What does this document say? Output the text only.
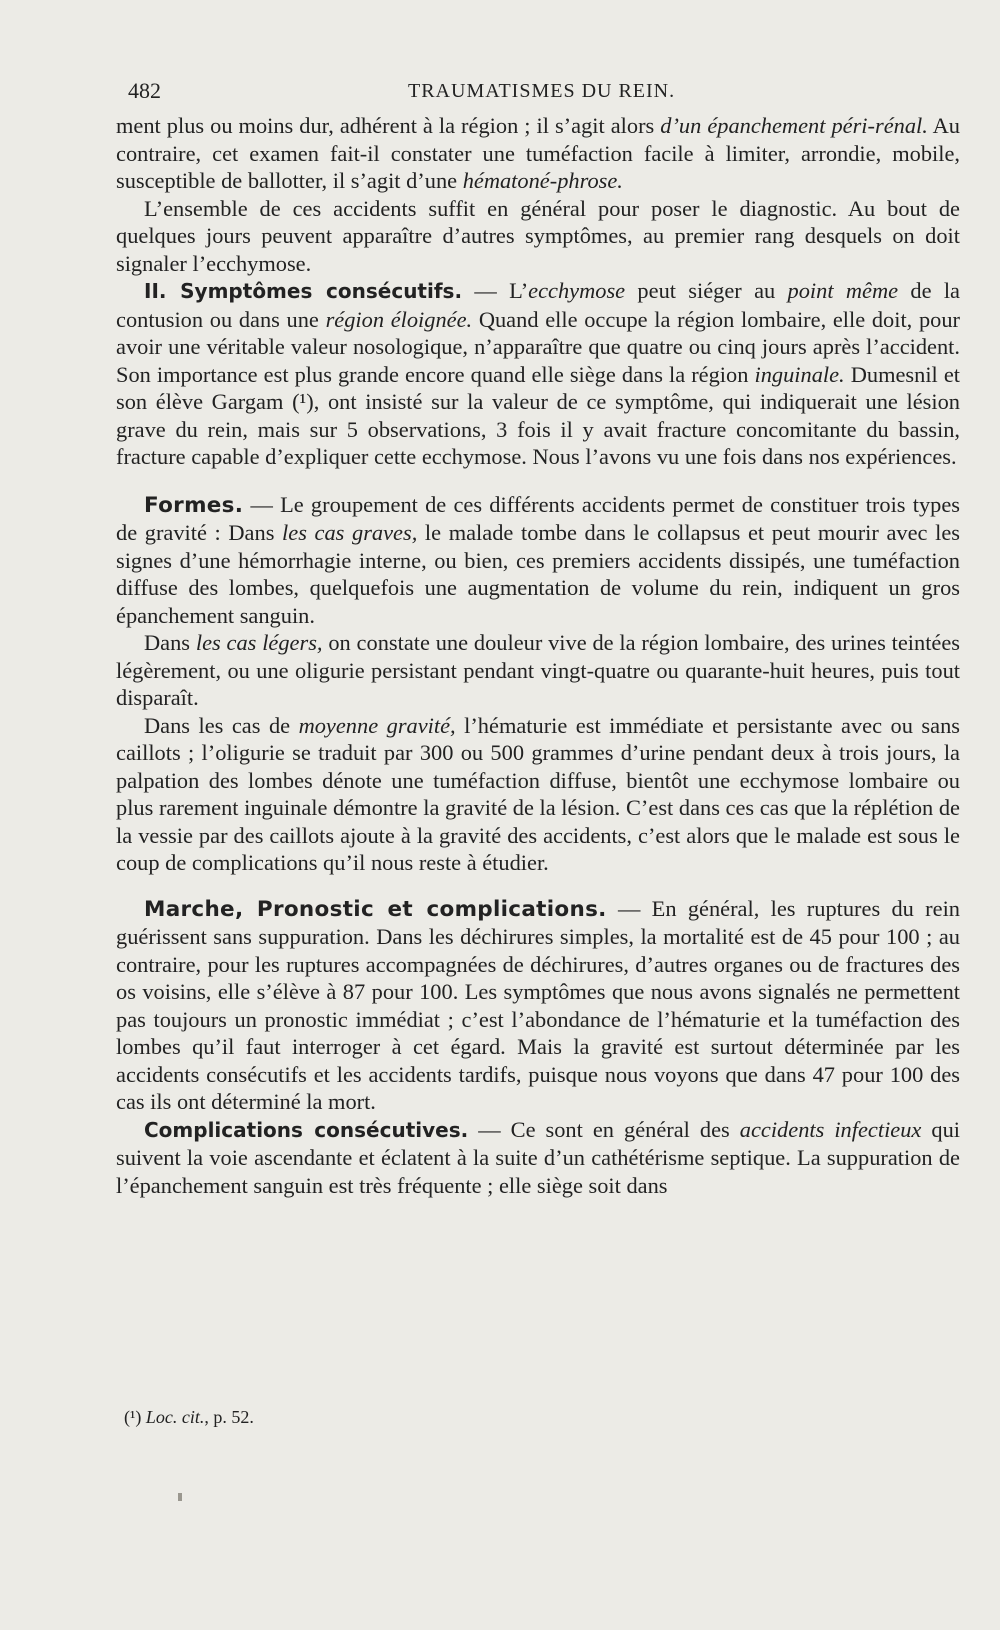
482	TRAUMATISMES DU REIN.

ment plus ou moins dur, adhérent à la région ; il s’agit alors d’un épanchement péri-rénal. Au contraire, cet examen fait-il constater une tuméfaction facile à limiter, arrondie, mobile, susceptible de ballotter, il s’agit d’une hématoné-phrose.

L’ensemble de ces accidents suffit en général pour poser le diagnostic. Au bout de quelques jours peuvent apparaître d’autres symptômes, au premier rang desquels on doit signaler l’ecchymose.

II. Symptômes consécutifs. — L’ecchymose peut siéger au point même de la contusion ou dans une région éloignée. Quand elle occupe la région lombaire, elle doit, pour avoir une véritable valeur nosologique, n’apparaître que quatre ou cinq jours après l’accident. Son importance est plus grande encore quand elle siège dans la région inguinale. Dumesnil et son élève Gargam (¹), ont insisté sur la valeur de ce symptôme, qui indiquerait une lésion grave du rein, mais sur 5 observations, 3 fois il y avait fracture concomitante du bassin, fracture capable d’expliquer cette ecchymose. Nous l’avons vu une fois dans nos expériences.

Formes. — Le groupement de ces différents accidents permet de constituer trois types de gravité : Dans les cas graves, le malade tombe dans le collapsus et peut mourir avec les signes d’une hémorrhagie interne, ou bien, ces premiers accidents dissipés, une tuméfaction diffuse des lombes, quelquefois une augmentation de volume du rein, indiquent un gros épanchement sanguin.

Dans les cas légers, on constate une douleur vive de la région lombaire, des urines teintées légèrement, ou une oligurie persistant pendant vingt-quatre ou quarante-huit heures, puis tout disparaît.

Dans les cas de moyenne gravité, l’hématurie est immédiate et persistante avec ou sans caillots ; l’oligurie se traduit par 300 ou 500 grammes d’urine pendant deux à trois jours, la palpation des lombes dénote une tuméfaction diffuse, bientôt une ecchymose lombaire ou plus rarement inguinale démontre la gravité de la lésion. C’est dans ces cas que la réplétion de la vessie par des caillots ajoute à la gravité des accidents, c’est alors que le malade est sous le coup de complications qu’il nous reste à étudier.

Marche, Pronostic et complications. — En général, les ruptures du rein guérissent sans suppuration. Dans les déchirures simples, la mortalité est de 45 pour 100 ; au contraire, pour les ruptures accompagnées de déchirures, d’autres organes ou de fractures des os voisins, elle s’élève à 87 pour 100. Les symptômes que nous avons signalés ne permettent pas toujours un pronostic immédiat ; c’est l’abondance de l’hématurie et la tuméfaction des lombes qu’il faut interroger à cet égard. Mais la gravité est surtout déterminée par les accidents consécutifs et les accidents tardifs, puisque nous voyons que dans 47 pour 100 des cas ils ont déterminé la mort.

Complications consécutives. — Ce sont en général des accidents infectieux qui suivent la voie ascendante et éclatent à la suite d’un cathétérisme septique. La suppuration de l’épanchement sanguin est très fréquente ; elle siège soit dans

(¹) Loc. cit., p. 52.
